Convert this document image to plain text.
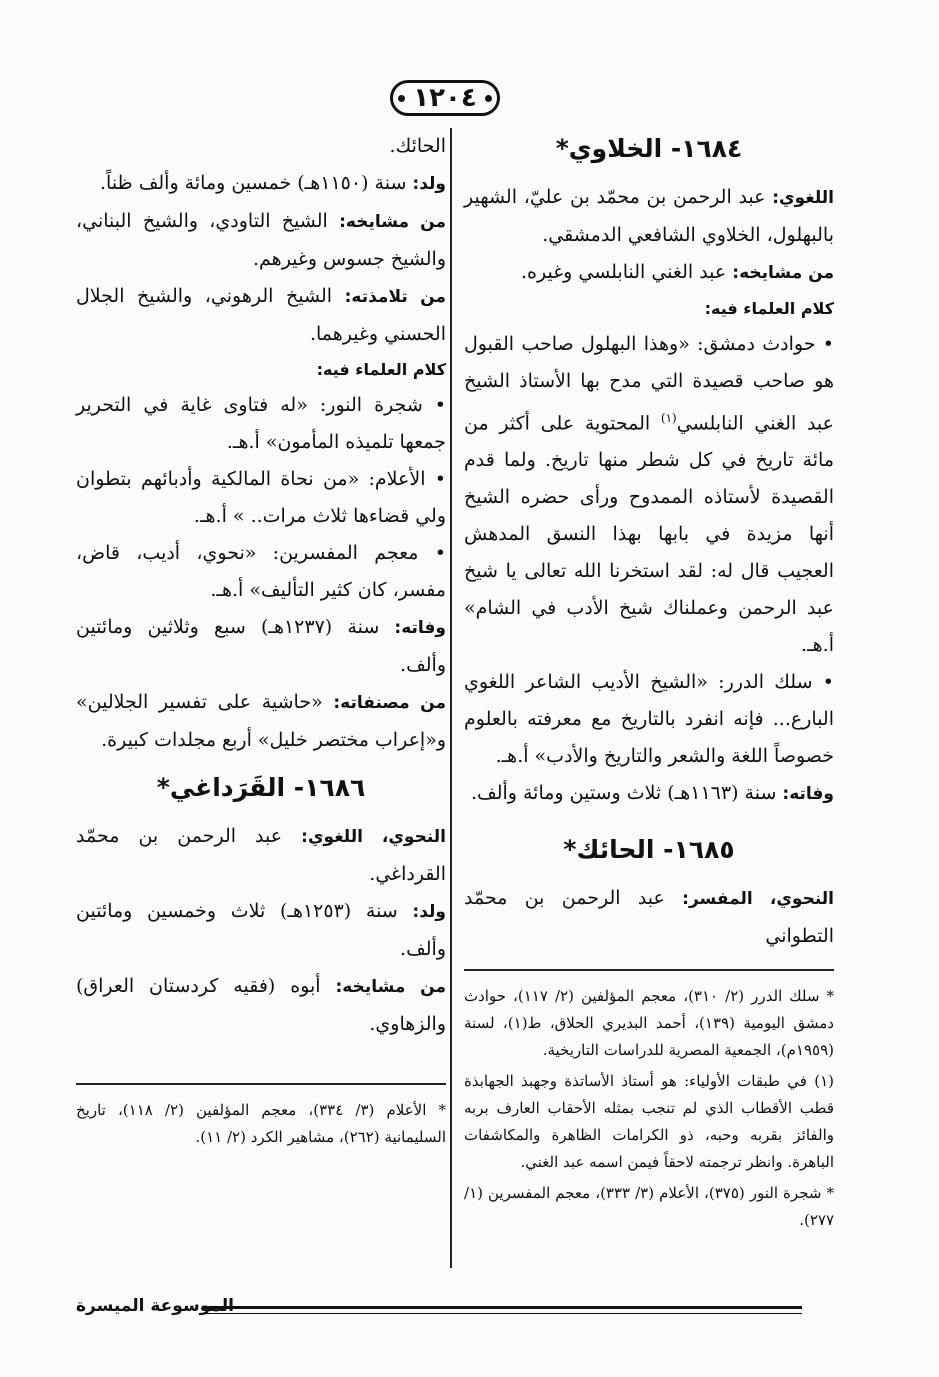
١٢٠٤
١٦٨٤- الخلاوي*

اللغوي: عبد الرحمن بن محمّد بن عليّ، الشهير بالبهلول، الخلاوي الشافعي الدمشقي.

من مشايخه: عبد الغني النابلسي وغيره.

كلام العلماء فيه:

• حوادث دمشق: «وهذا البهلول صاحب القبول هو صاحب قصيدة التي مدح بها الأستاذ الشيخ عبد الغني النابلسي$^{(١)}$ المحتوية على أكثر من مائة تاريخ في كل شطر منها تاريخ. ولما قدم القصيدة لأستاذه الممدوح ورأى حضره الشيخ أنها مزيدة في بابها بهذا النسق المدهش العجيب قال له: لقد استخرنا الله تعالى يا شيخ عبد الرحمن وعملناك شيخ الأدب في الشام» أ.هـ.

• سلك الدرر: «الشيخ الأديب الشاعر اللغوي البارع... فإنه انفرد بالتاريخ مع معرفته بالعلوم خصوصاً اللغة والشعر والتاريخ والأدب» أ.هـ.

وفاته: سنة (١١٦٣هـ) ثلاث وستين ومائة وألف.

١٦٨٥- الحائك*

النحوي، المفسر: عبد الرحمن بن محمّد التطواني

* سلك الدرر (٢/ ٣١٠)، معجم المؤلفين (٢/ ١١٧)، حوادث دمشق اليومية (١٣٩)، أحمد البديري الحلاق، ط(١)، لسنة (١٩٥٩م)، الجمعية المصرية للدراسات التاريخية.

(١) في طبقات الأولياء: هو أستاذ الأساتذة وجهبذ الجهابذة قطب الأقطاب الذي لم تنجب بمثله الأحقاب العارف بربه والفائز بقربه وحبه، ذو الكرامات الظاهرة والمكاشفات الباهرة. وانظر ترجمته لاحقاً فيمن اسمه عبد الغني.

* شجرة النور (٣٧٥)، الأعلام (٣/ ٣٣٣)، معجم المفسرين (١/ ٢٧٧).

الحائك.

ولد: سنة (١١٥٠هـ) خمسين ومائة وألف ظناً.

من مشايخه: الشيخ التاودي، والشيخ البناني، والشيخ جسوس وغيرهم.

من تلامذته: الشيخ الرهوني، والشيخ الجلال الحسني وغيرهما.

كلام العلماء فيه:

• شجرة النور: «له فتاوى غاية في التحرير جمعها تلميذه المأمون» أ.هـ.

• الأعلام: «من نحاة المالكية وأدبائهم بتطوان ولي قضاءها ثلاث مرات.. » أ.هـ.

• معجم المفسرين: «نحوي، أديب، قاض، مفسر، كان كثير التأليف» أ.هـ.

وفاته: سنة (١٢٣٧هـ) سبع وثلاثين ومائتين وألف.

من مصنفاته: «حاشية على تفسير الجلالين» و«إعراب مختصر خليل» أربع مجلدات كبيرة.

١٦٨٦- القَرَداغي*

النحوي، اللغوي: عبد الرحمن بن محمّد القرداغي.

ولد: سنة (١٢٥٣هـ) ثلاث وخمسين ومائتين وألف.

من مشايخه: أبوه (فقيه كردستان العراق) والزهاوي.

* الأعلام (٣/ ٣٣٤)، معجم المؤلفين (٢/ ١١٨)، تاريخ السليمانية (٢٦٢)، مشاهير الكرد (٢/ ١١).

الموسوعة الميسرة
